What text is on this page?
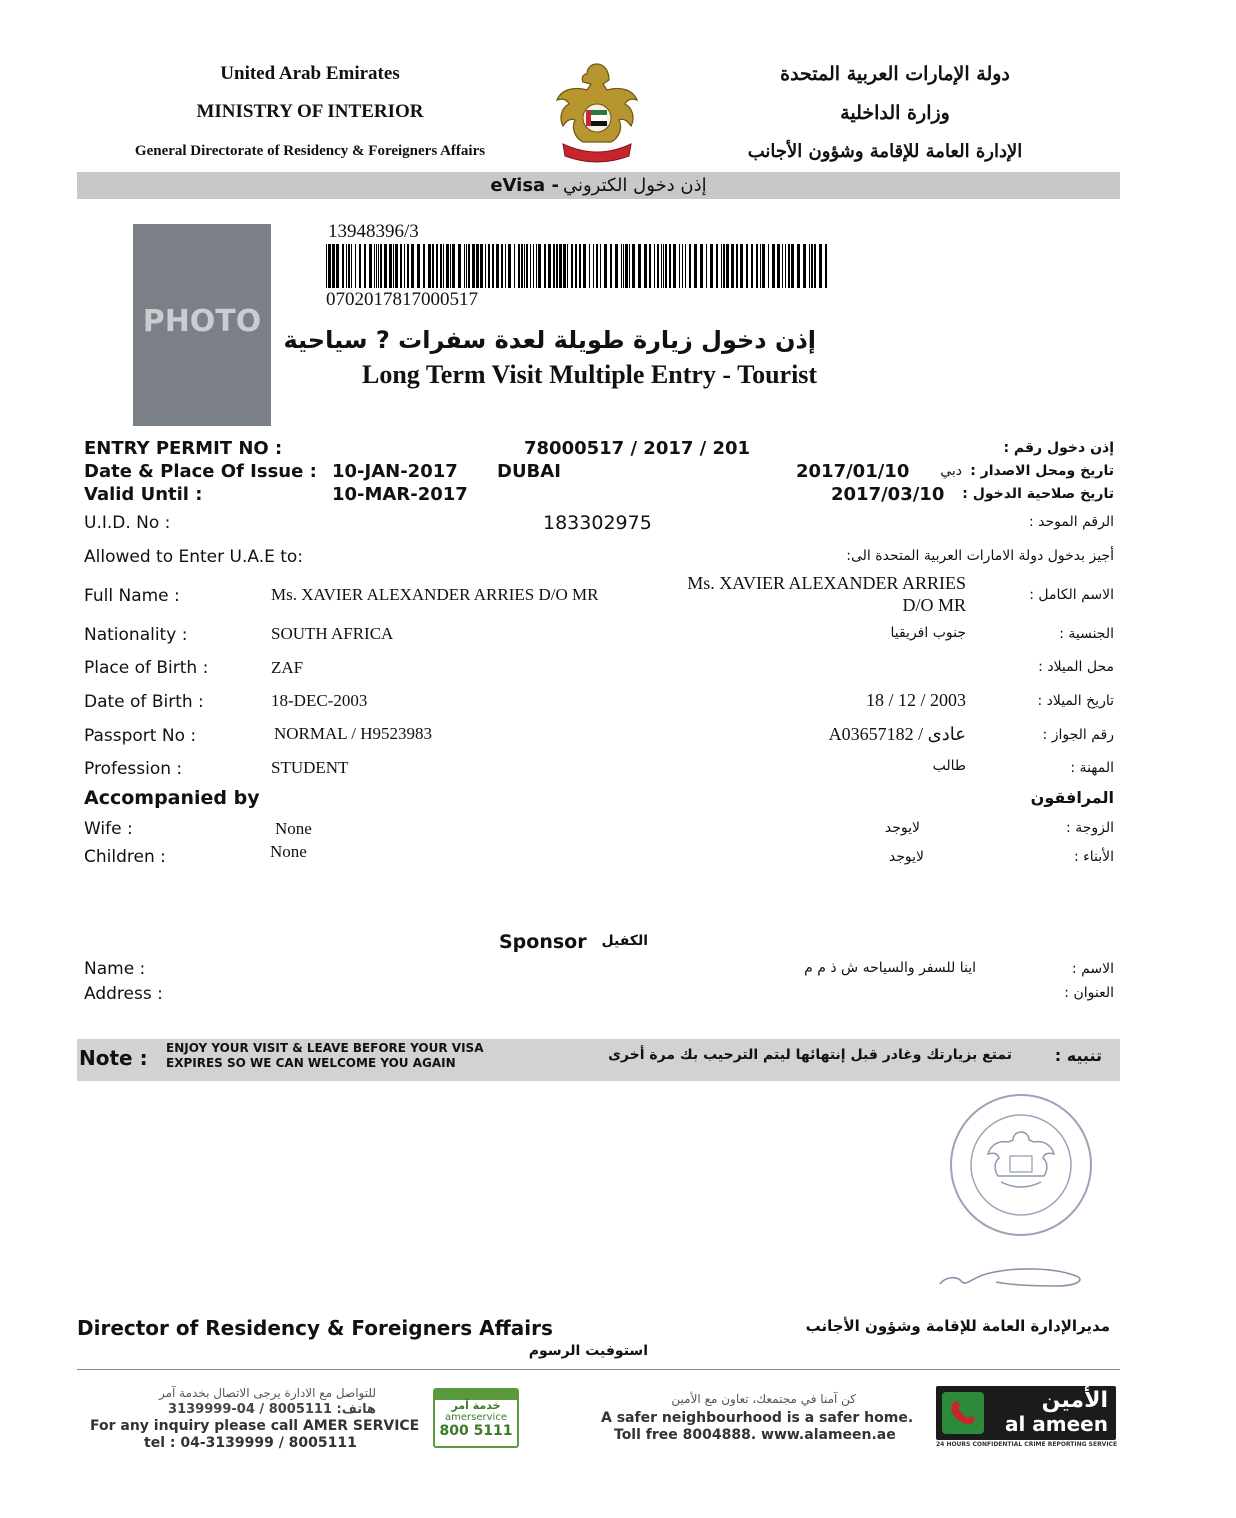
United Arab Emirates
MINISTRY OF INTERIOR
General Directorate of Residency & Foreigners Affairs
دولة الإمارات العربية المتحدة
وزارة الداخلية
الإدارة العامة للإقامة وشؤون الأجانب
eVisa - إذن دخول الكتروني
PHOTO
13948396/3
0702017817000517
إذن دخول زيارة طويلة لعدة سفرات ? سياحية
Long Term Visit Multiple Entry - Tourist
ENTRY PERMIT NO :	78000517 / 2017 / 201	إذن دخول رقم :
Date & Place Of Issue : 10-JAN-2017 DUBAI	2017/01/10	دبي تاريخ ومحل الاصدار :
Valid Until :	10-MAR-2017	2017/03/10	تاريخ صلاحية الدخول :
U.I.D. No :	183302975	الرقم الموحد :
Allowed to Enter U.A.E to:	أجيز بدخول دولة الامارات العربية المتحدة الى:
Full Name :	Ms. XAVIER ALEXANDER ARRIES D/O MR
Ms. XAVIER ALEXANDER ARRIES
D/O MR	الاسم الكامل :
Nationality :	SOUTH AFRICA	جنوب افريقيا	الجنسية :
Place of Birth :	ZAF	محل الميلاد :
Date of Birth :	18-DEC-2003	2003 / 12 / 18	تاريخ الميلاد :
Passport No :	NORMAL / H9523983	عادى / A03657182	رقم الجواز :
Profession :	STUDENT	طالب	المهنة :
Accompanied by	المرافقون
Wife :	None	لايوجد	الزوجة :
Children :	None	لايوجد	الأبناء :
Sponsor	الكفيل
Name :	اينا للسفر والسياحه ش ذ م م	الاسم :
Address :	العنوان :
Note : ENJOY YOUR VISIT & LEAVE BEFORE YOUR VISA
EXPIRES SO WE CAN WELCOME YOU AGAIN	تمتع بزيارتك وغادر قبل إنتهائها ليتم الترحيب بك مرة أخرى	تنبيه :
Director of Residency & Foreigners Affairs	مديرالإدارة العامة للإقامة وشؤون الأجانب
استوفيت الرسوم
للتواصل مع الادارة يرجى الاتصال بخدمة آمر
هاتف: 8005111 / 04-3139999
For any inquiry please call AMER SERVICE
tel : 04-3139999 / 8005111
خدمة آمر
amerservice
800 5111
كن آمنا في مجتمعك، تعاون مع الأمين
A safer neighbourhood is a safer home.
Toll free 8004888. www.alameen.ae
الأمين
al ameen
24 HOURS CONFIDENTIAL CRIME REPORTING SERVICE
